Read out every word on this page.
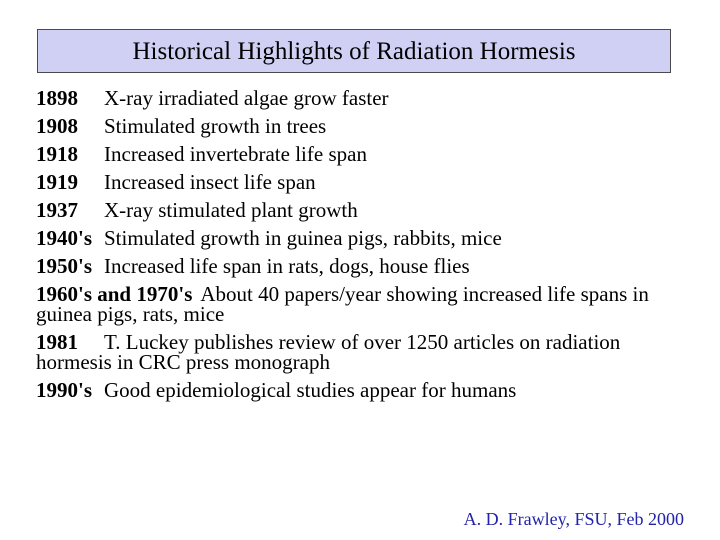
Historical Highlights of Radiation Hormesis
1898 X-ray irradiated algae grow faster
1908 Stimulated growth in trees
1918 Increased invertebrate life span
1919 Increased insect life span
1937 X-ray stimulated plant growth
1940's Stimulated growth in guinea pigs, rabbits, mice
1950's Increased life span in rats, dogs, house flies
1960's and 1970's About 40 papers/year showing increased life spans in guinea pigs, rats, mice
1981 T. Luckey publishes review of over 1250 articles on radiation hormesis in CRC press monograph
1990's Good epidemiological studies appear for humans
A. D. Frawley, FSU, Feb 2000
